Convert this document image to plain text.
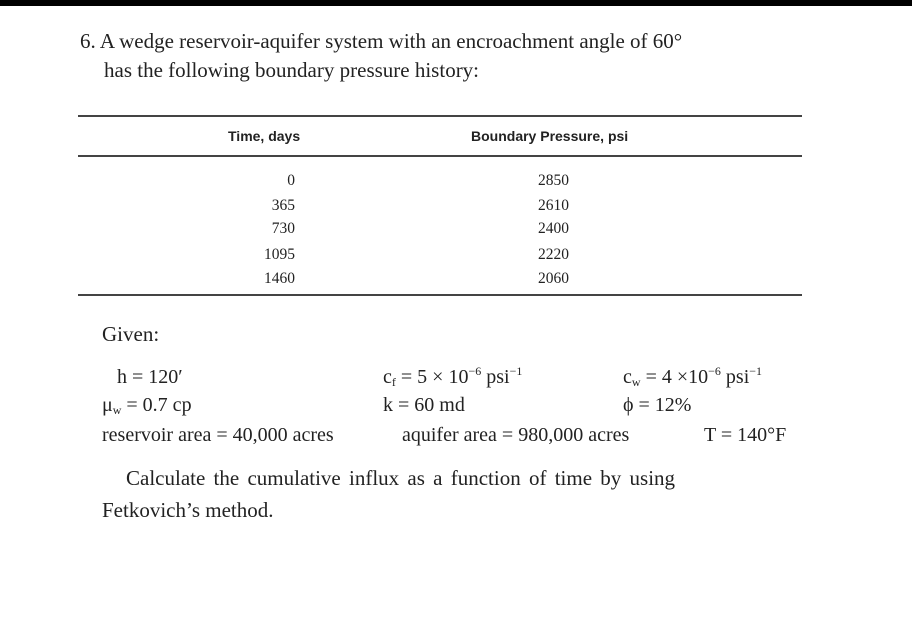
6. A wedge reservoir-aquifer system with an encroachment angle of 60°
has the following boundary pressure history:
Time, days	Boundary Pressure, psi
0	2850
365	2610
730	2400
1095	2220
1460	2060
Given:
h = 120′	$c_f = 5 \times 10^{-6}$ psi$^{-1}$	$c_w = 4 \times 10^{-6}$ psi$^{-1}$
$\mu_w = 0.7$ cp	k = 60 md	ϕ = 12%
reservoir area = 40,000 acres	aquifer area = 980,000 acres	T = 140°F
Calculate the cumulative influx as a function of time by using
Fetkovich’s method.
